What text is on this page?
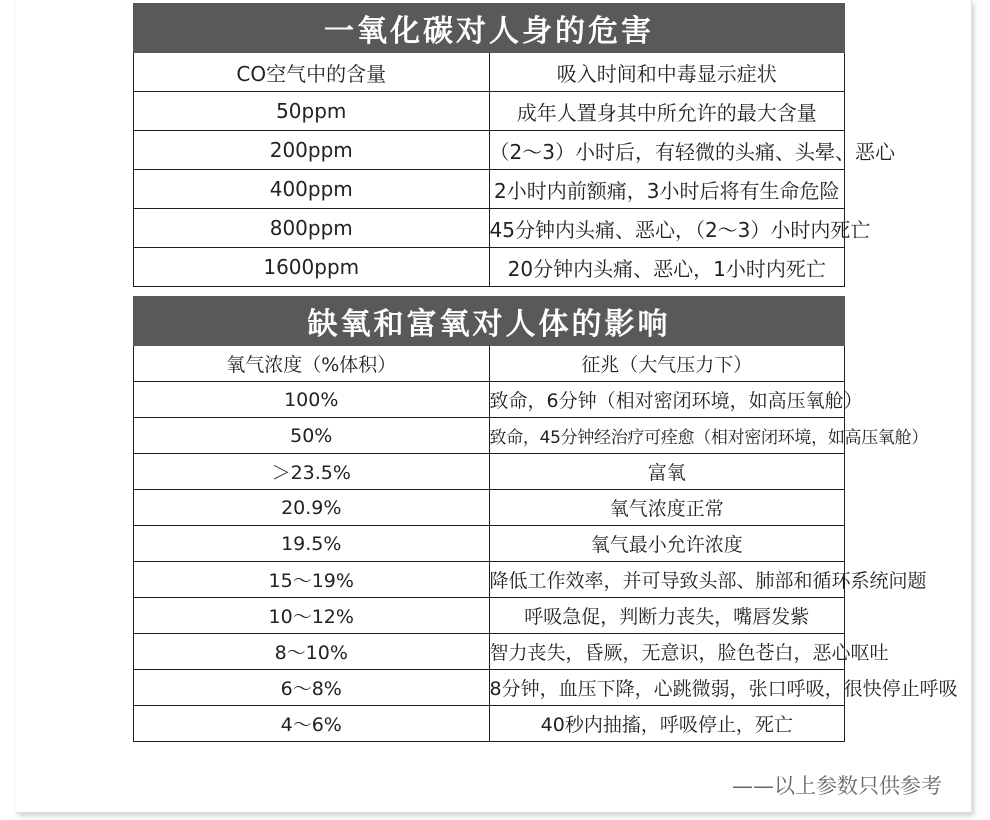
一氧化碳对人身的危害	
CO空气中的含量	吸入时间和中毒显示症状
50ppm	成年人置身其中所允许的最大含量
200ppm	（2～3）小时后，有轻微的头痛、头晕、恶心
400ppm	2小时内前额痛，3小时后将有生命危险
800ppm	45分钟内头痛、恶心，（2～3）小时内死亡
1600ppm	20分钟内头痛、恶心，1小时内死亡
缺氧和富氧对人体的影响	
氧气浓度（%体积）	征兆（大气压力下）
100%	致命，6分钟（相对密闭环境，如高压氧舱）
50%	致命，45分钟经治疗可痊愈（相对密闭环境，如高压氧舱）
＞23.5%	富氧
20.9%	氧气浓度正常
19.5%	氧气最小允许浓度
15～19%	降低工作效率，并可导致头部、肺部和循环系统问题
10～12%	呼吸急促，判断力丧失，嘴唇发紫
8～10%	智力丧失，昏厥，无意识，脸色苍白，恶心呕吐
6～8%	8分钟，血压下降，心跳微弱，张口呼吸，很快停止呼吸
4～6%	40秒内抽搐，呼吸停止，死亡
——以上参数只供参考
